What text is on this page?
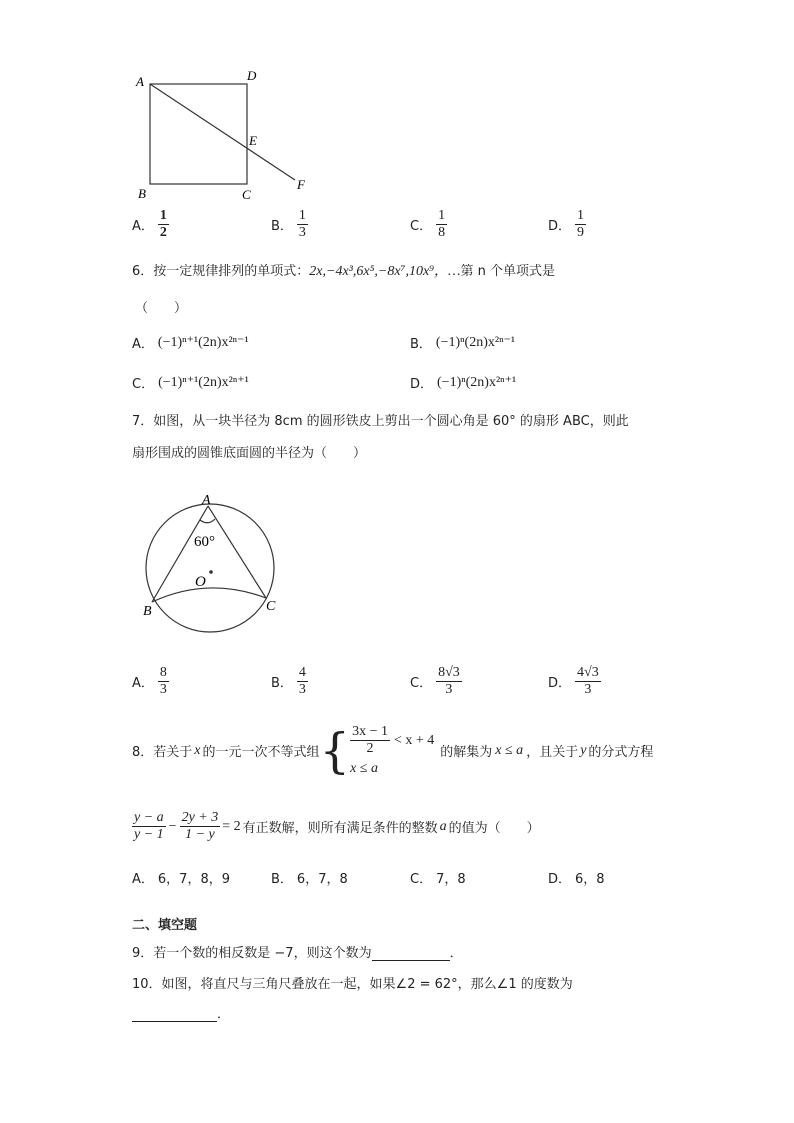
A	D
E
B	C
F
A． $\frac{1}{2}$	B． $\frac{1}{3}$	C． $\frac{1}{8}$	D． $\frac{1}{9}$
6．按一定规律排列的单项式：2x,−4x³,6x⁵,−8x⁷,10x⁹，…第 n 个单项式是
（　　）
A． (−1)ⁿ⁺¹(2n)x²ⁿ⁻¹	B． (−1)ⁿ(2n)x²ⁿ⁻¹
C． (−1)ⁿ⁺¹(2n)x²ⁿ⁺¹	D． (−1)ⁿ(2n)x²ⁿ⁺¹
7．如图，从一块半径为 8cm 的圆形铁皮上剪出一个圆心角是 60° 的扇形 ABC，则此
扇形围成的圆锥底面圆的半径为（　　）
A
60°
O
B	C
A． $\frac{8}{3}$	B． $\frac{4}{3}$	C． $\frac{8√3}{3}$	D． $\frac{4√3}{3}$
8．若关于 x 的一元一次不等式组 { $\frac{3x - 1}{2} < x + 4$
x ≤ a
的解集为 x ≤ a ，且关于 y 的分式方程
$\frac{y - a}{y - 1} - \frac{2y + 3}{1 - y} = 2$ 有正数解，则所有满足条件的整数 a 的值为（　　）
A． 6，7，8，9	B． 6，7，8	C． 7，8	D． 6，8
二、填空题
9．若一个数的相反数是 −7，则这个数为	．
10．如图，将直尺与三角尺叠放在一起，如果∠2 = 62°，那么∠1 的度数为
．
